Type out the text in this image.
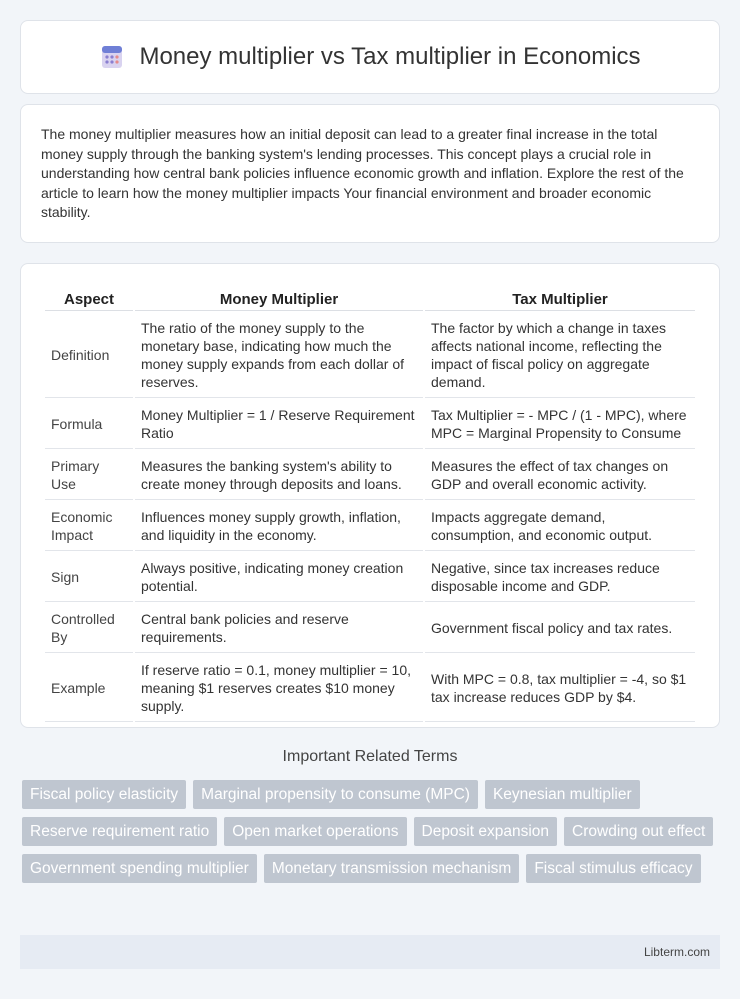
Money multiplier vs Tax multiplier in Economics

The money multiplier measures how an initial deposit can lead to a greater final increase in the total money supply through the banking system's lending processes. This concept plays a crucial role in understanding how central bank policies influence economic growth and inflation. Explore the rest of the article to learn how the money multiplier impacts Your financial environment and broader economic stability.

Aspect	Money Multiplier	Tax Multiplier
Definition	The ratio of the money supply to the monetary base, indicating how much the money supply expands from each dollar of reserves.	The factor by which a change in taxes affects national income, reflecting the impact of fiscal policy on aggregate demand.
Formula	Money Multiplier = 1 / Reserve Requirement Ratio	Tax Multiplier = - MPC / (1 - MPC), where MPC = Marginal Propensity to Consume
Primary Use	Measures the banking system's ability to create money through deposits and loans.	Measures the effect of tax changes on GDP and overall economic activity.
Economic Impact	Influences money supply growth, inflation, and liquidity in the economy.	Impacts aggregate demand, consumption, and economic output.
Sign	Always positive, indicating money creation potential.	Negative, since tax increases reduce disposable income and GDP.
Controlled By	Central bank policies and reserve requirements.	Government fiscal policy and tax rates.
Example	If reserve ratio = 0.1, money multiplier = 10, meaning $1 reserves creates $10 money supply.	With MPC = 0.8, tax multiplier = -4, so $1 tax increase reduces GDP by $4.
Important Related Terms
Fiscal policy elasticity	Marginal propensity to consume (MPC)	Keynesian multiplier
Reserve requirement ratio	Open market operations	Deposit expansion	Crowding out effect
Government spending multiplier	Monetary transmission mechanism	Fiscal stimulus efficacy
Libterm.com
